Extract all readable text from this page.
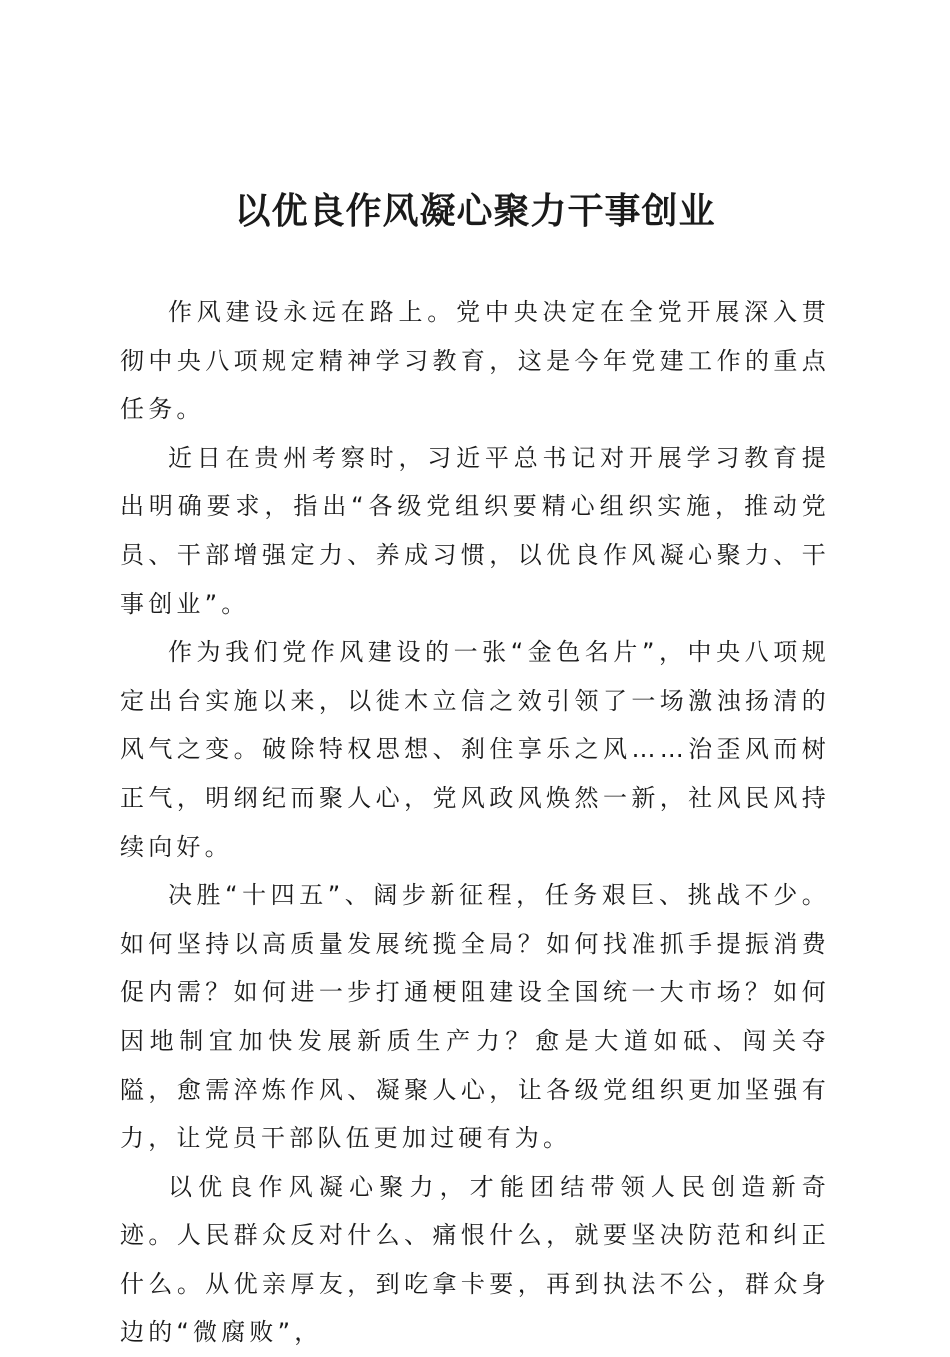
以优良作风凝心聚力干事创业

作风建设永远在路上。党中央决定在全党开展深入贯彻中央八项规定精神学习教育，这是今年党建工作的重点任务。

近日在贵州考察时，习近平总书记对开展学习教育提出明确要求，指出“各级党组织要精心组织实施，推动党员、干部增强定力、养成习惯，以优良作风凝心聚力、干事创业”。

作为我们党作风建设的一张“金色名片”，中央八项规定出台实施以来，以徙木立信之效引领了一场激浊扬清的风气之变。破除特权思想、刹住享乐之风……治歪风而树正气，明纲纪而聚人心，党风政风焕然一新，社风民风持续向好。

决胜“十四五”、阔步新征程，任务艰巨、挑战不少。如何坚持以高质量发展统揽全局？如何找准抓手提振消费促内需？如何进一步打通梗阻建设全国统一大市场？如何因地制宜加快发展新质生产力？愈是大道如砥、闯关夺隘，愈需淬炼作风、凝聚人心，让各级党组织更加坚强有力，让党员干部队伍更加过硬有为。

以优良作风凝心聚力，才能团结带领人民创造新奇迹。人民群众反对什么、痛恨什么，就要坚决防范和纠正什么。从优亲厚友，到吃拿卡要，再到执法不公，群众身边的“微腐败”，
